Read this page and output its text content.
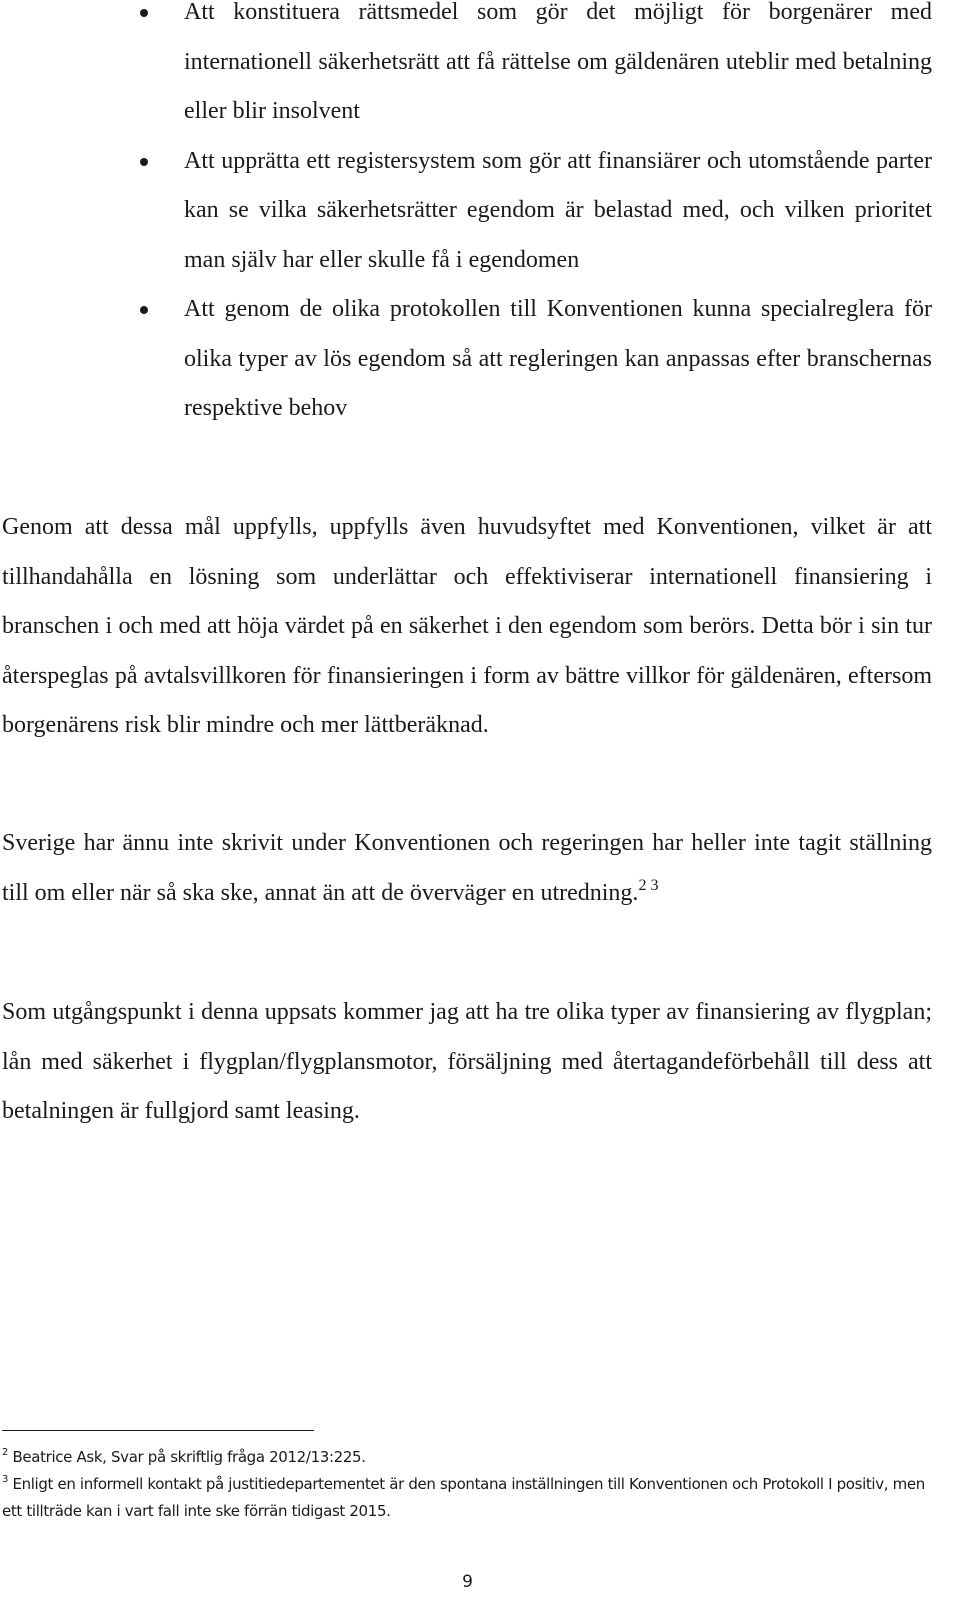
Att konstituera rättsmedel som gör det möjligt för borgenärer med internationell säkerhetsrätt att få rättelse om gäldenären uteblir med betalning eller blir insolvent
Att upprätta ett registersystem som gör att finansiärer och utomstående parter kan se vilka säkerhetsrätter egendom är belastad med, och vilken prioritet man själv har eller skulle få i egendomen
Att genom de olika protokollen till Konventionen kunna specialreglera för olika typer av lös egendom så att regleringen kan anpassas efter branschernas respektive behov

Genom att dessa mål uppfylls, uppfylls även huvudsyftet med Konventionen, vilket är att tillhandahålla en lösning som underlättar och effektiviserar internationell finansiering i branschen i och med att höja värdet på en säkerhet i den egendom som berörs. Detta bör i sin tur återspeglas på avtalsvillkoren för finansieringen i form av bättre villkor för gäldenären, eftersom borgenärens risk blir mindre och mer lättberäknad.

Sverige har ännu inte skrivit under Konventionen och regeringen har heller inte tagit ställning till om eller när så ska ske, annat än att de överväger en utredning.$^{2 3}$

Som utgångspunkt i denna uppsats kommer jag att ha tre olika typer av finansiering av flygplan; lån med säkerhet i flygplan/flygplansmotor, försäljning med återtagandeförbehåll till dess att betalningen är fullgjord samt leasing.

$^2$ Beatrice Ask, Svar på skriftlig fråga 2012/13:225.

$^3$ Enligt en informell kontakt på justitiedepartementet är den spontana inställningen till Konventionen och Protokoll I positiv, men ett tillträde kan i vart fall inte ske förrän tidigast 2015.

9
